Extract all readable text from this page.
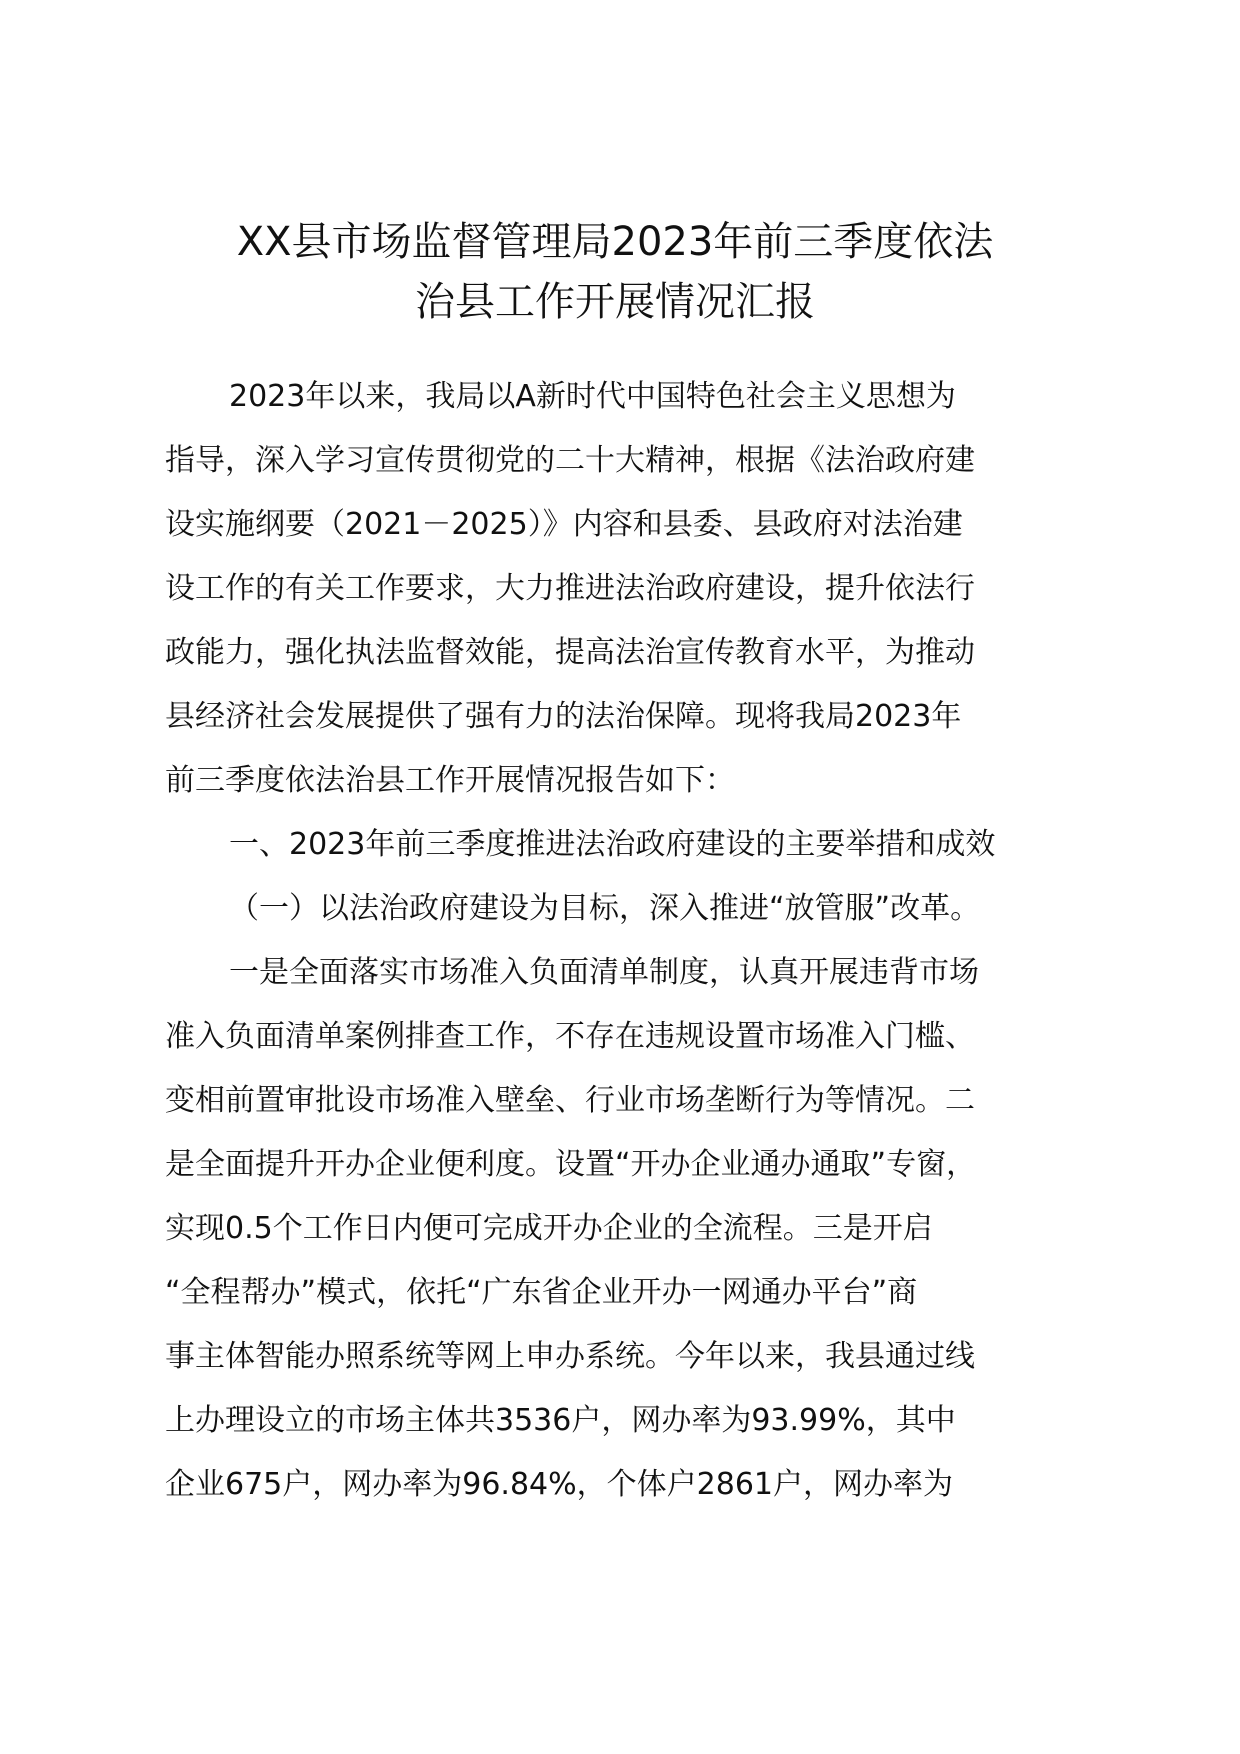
XX县市场监督管理局2023年前三季度依法
治县工作开展情况汇报
2023年以来，我局以A新时代中国特色社会主义思想为
指导，深入学习宣传贯彻党的二十大精神，根据《法治政府建
设实施纲要（2021－2025）》内容和县委、县政府对法治建
设工作的有关工作要求，大力推进法治政府建设，提升依法行
政能力，强化执法监督效能，提高法治宣传教育水平，为推动
县经济社会发展提供了强有力的法治保障。现将我局2023年
前三季度依法治县工作开展情况报告如下：
一、2023年前三季度推进法治政府建设的主要举措和成效
（一）以法治政府建设为目标，深入推进“放管服”改革。
一是全面落实市场准入负面清单制度，认真开展违背市场
准入负面清单案例排查工作，不存在违规设置市场准入门槛、
变相前置审批设市场准入壁垒、行业市场垄断行为等情况。二
是全面提升开办企业便利度。设置“开办企业通办通取”专窗，
实现0.5个工作日内便可完成开办企业的全流程。三是开启
“全程帮办”模式，依托“广东省企业开办一网通办平台”商
事主体智能办照系统等网上申办系统。今年以来，我县通过线
上办理设立的市场主体共3536户，网办率为93.99%，其中
企业675户，网办率为96.84%，个体户2861户，网办率为
